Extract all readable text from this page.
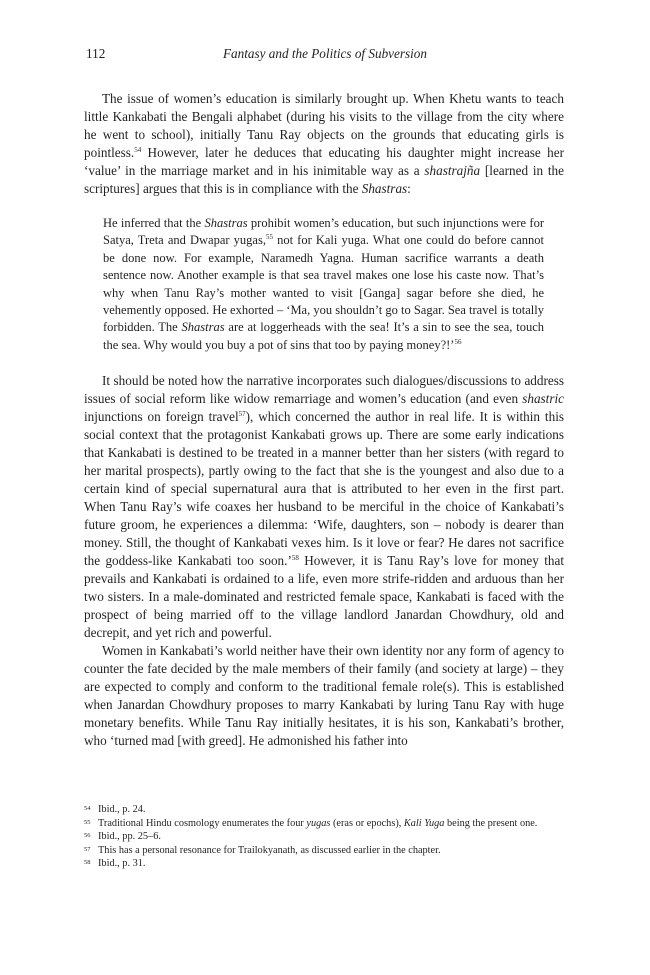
112	Fantasy and the Politics of Subversion

The issue of women’s education is similarly brought up. When Khetu wants to teach little Kankabati the Bengali alphabet (during his visits to the village from the city where he went to school), initially Tanu Ray objects on the grounds that educating girls is pointless.$^{54}$ However, later he deduces that educating his daughter might increase her ‘value’ in the marriage market and in his inimitable way as a shastrajña [learned in the scriptures] argues that this is in compliance with the Shastras:

He inferred that the Shastras prohibit women’s education, but such injunctions were for Satya, Treta and Dwapar yugas,$^{55}$ not for Kali yuga. What one could do before cannot be done now. For example, Naramedh Yagna. Human sacrifice warrants a death sentence now. Another example is that sea travel makes one lose his caste now. That’s why when Tanu Ray’s mother wanted to visit [Ganga] sagar before she died, he vehemently opposed. He exhorted – ‘Ma, you shouldn’t go to Sagar. Sea travel is totally forbidden. The Shastras are at loggerheads with the sea! It’s a sin to see the sea, touch the sea. Why would you buy a pot of sins that too by paying money?!’$^{56}$

It should be noted how the narrative incorporates such dialogues/discussions to address issues of social reform like widow remarriage and women’s education (and even shastric injunctions on foreign travel$^{57}$), which concerned the author in real life. It is within this social context that the protagonist Kankabati grows up. There are some early indications that Kankabati is destined to be treated in a manner better than her sisters (with regard to her marital prospects), partly owing to the fact that she is the youngest and also due to a certain kind of special supernatural aura that is attributed to her even in the first part. When Tanu Ray’s wife coaxes her husband to be merciful in the choice of Kankabati’s future groom, he experiences a dilemma: ‘Wife, daughters, son – nobody is dearer than money. Still, the thought of Kankabati vexes him. Is it love or fear? He dares not sacrifice the goddess-like Kankabati too soon.’$^{58}$ However, it is Tanu Ray’s love for money that prevails and Kankabati is ordained to a life, even more strife-ridden and arduous than her two sisters. In a male-dominated and restricted female space, Kankabati is faced with the prospect of being married off to the village landlord Janardan Chowdhury, old and decrepit, and yet rich and powerful.

Women in Kankabati’s world neither have their own identity nor any form of agency to counter the fate decided by the male members of their family (and society at large) – they are expected to comply and conform to the traditional female role(s). This is established when Janardan Chowdhury proposes to marry Kankabati by luring Tanu Ray with huge monetary benefits. While Tanu Ray initially hesitates, it is his son, Kankabati’s brother, who ‘turned mad [with greed]. He admonished his father into

54 Ibid., p. 24.
55 Traditional Hindu cosmology enumerates the four yugas (eras or epochs), Kali Yuga being the present one.
56 Ibid., pp. 25–6.
57 This has a personal resonance for Trailokyanath, as discussed earlier in the chapter.
58 Ibid., p. 31.
